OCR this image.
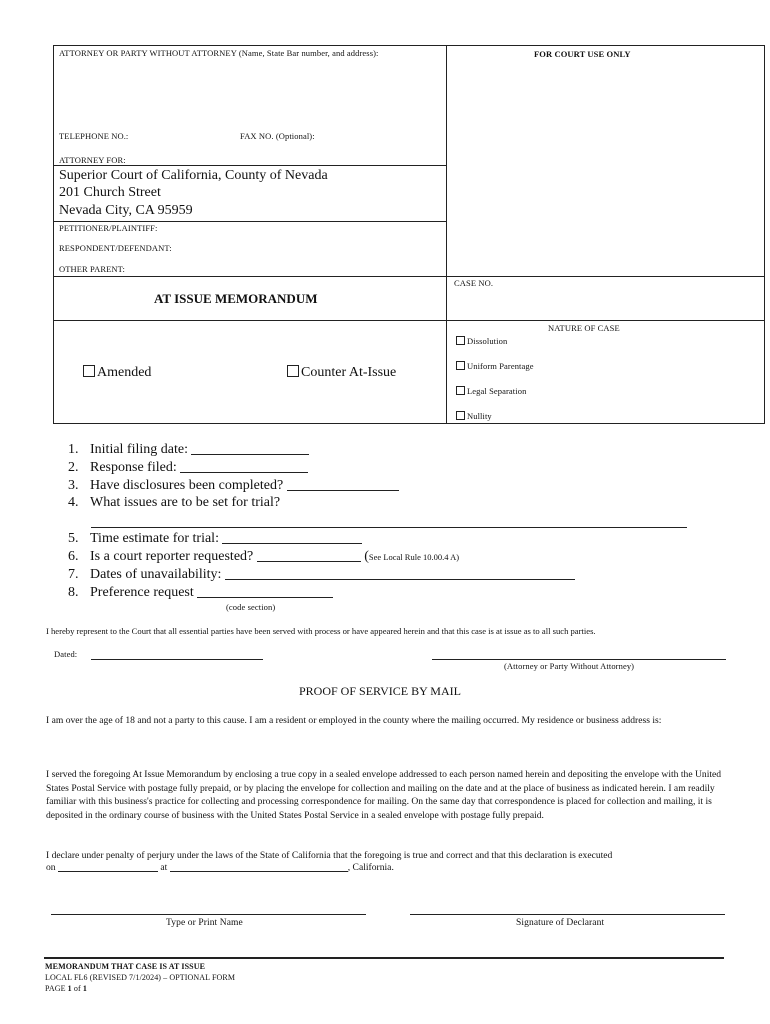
ATTORNEY OR PARTY WITHOUT ATTORNEY (Name, State Bar number, and address):	FOR COURT USE ONLY
TELEPHONE NO.:	FAX NO. (Optional):
ATTORNEY FOR:
Superior Court of California, County of Nevada
201 Church Street
Nevada City, CA 95959
PETITIONER/PLAINTIFF:
RESPONDENT/DEFENDANT:
OTHER PARENT:
CASE NO.
AT ISSUE MEMORANDUM
Amended	Counter At-Issue
NATURE OF CASE
Dissolution
Uniform Parentage
Legal Separation
Nullity
1. Initial filing date:
2. Response filed:
3. Have disclosures been completed?
4. What issues are to be set for trial?
5. Time estimate for trial:
6. Is a court reporter requested?	(See Local Rule 10.00.4 A)
7. Dates of unavailability:
8. Preference request
(code section)
I hereby represent to the Court that all essential parties have been served with process or have appeared herein and that this case is at issue as to all such parties.
Dated:
(Attorney or Party Without Attorney)
PROOF OF SERVICE BY MAIL
I am over the age of 18 and not a party to this cause. I am a resident or employed in the county where the mailing occurred. My residence or business address is:
I served the foregoing At Issue Memorandum by enclosing a true copy in a sealed envelope addressed to each person named herein and depositing the envelope with the United States Postal Service with postage fully prepaid, or by placing the envelope for collection and mailing on the date and at the place of business as indicated herein. I am readily familiar with this business's practice for collecting and processing correspondence for mailing. On the same day that correspondence is placed for collection and mailing, it is deposited in the ordinary course of business with the United States Postal Service in a sealed envelope with postage fully prepaid.
I declare under penalty of perjury under the laws of the State of California that the foregoing is true and correct and that this declaration is executed
on	at	, California.
Type or Print Name	Signature of Declarant
MEMORANDUM THAT CASE IS AT ISSUE
LOCAL FL6 (REVISED 7/1/2024) – OPTIONAL FORM
PAGE 1 of 1
